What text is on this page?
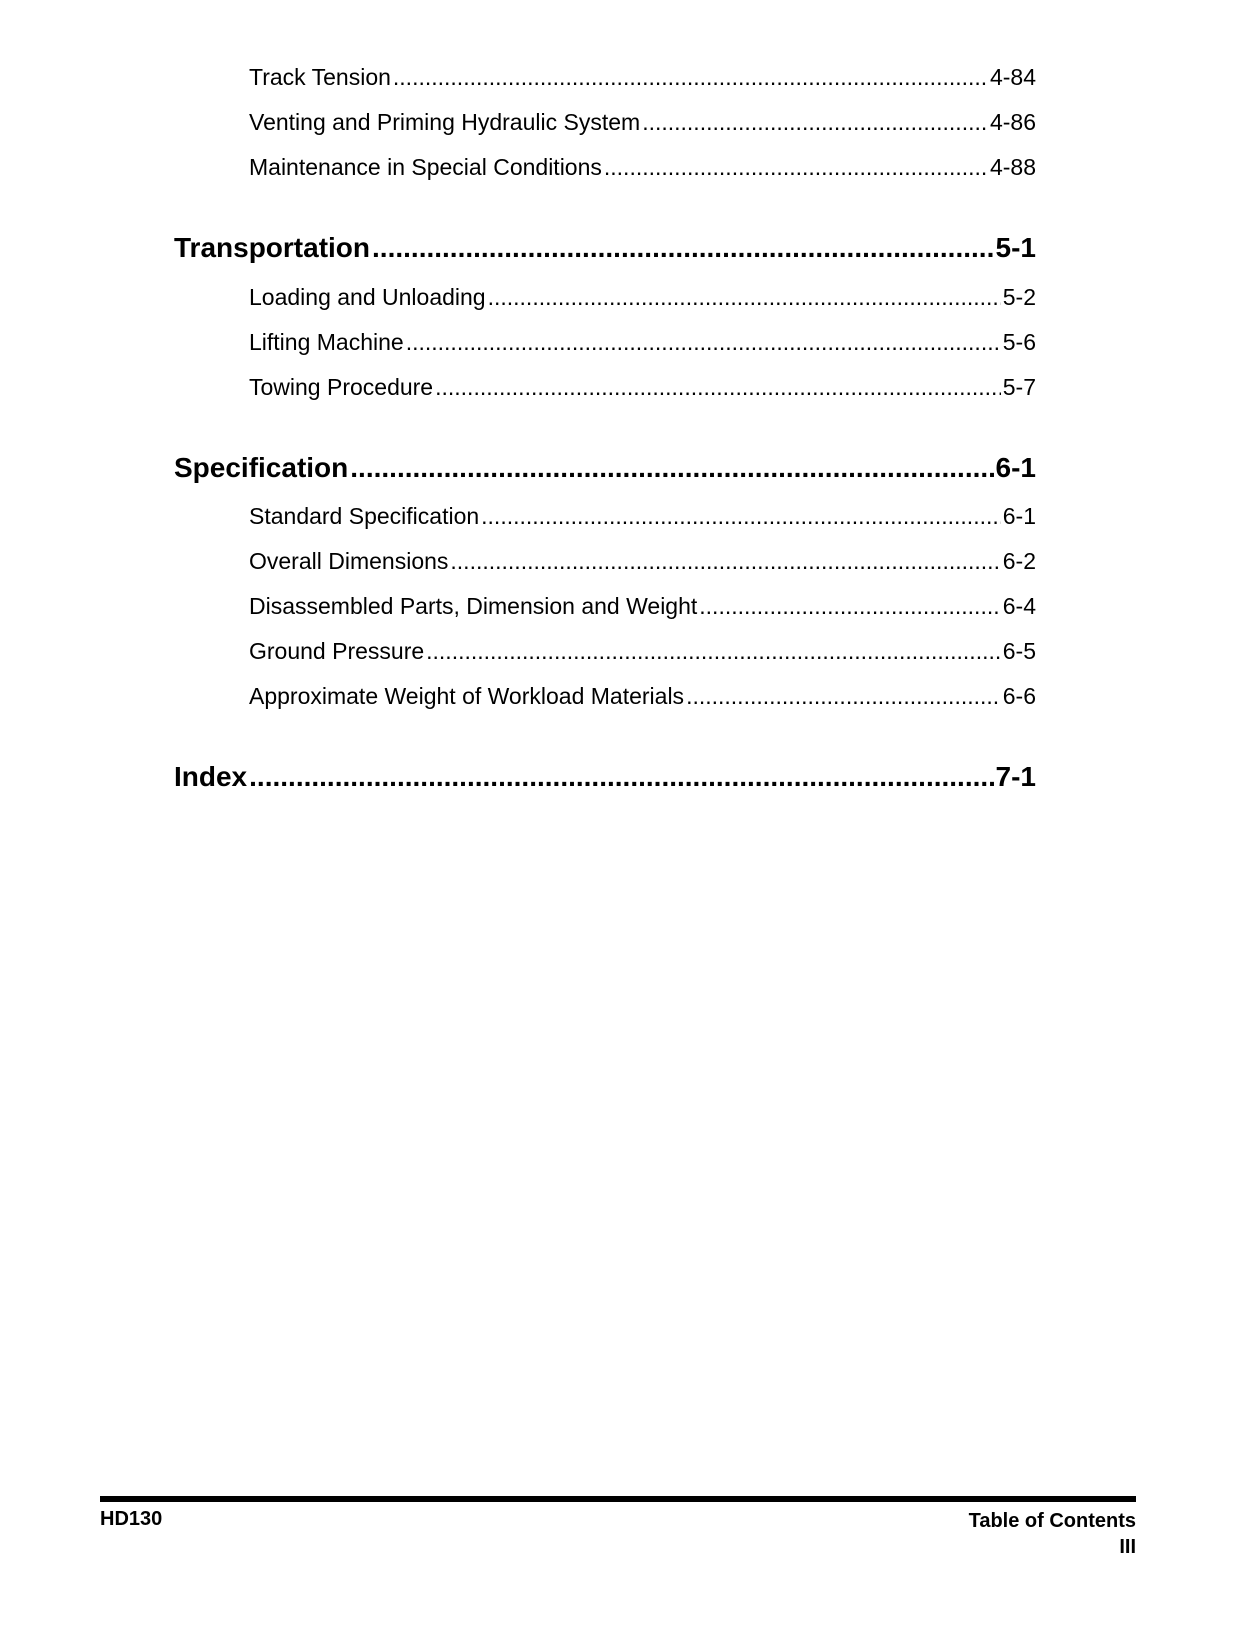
Track Tension .....	4-84
Venting and Priming Hydraulic System .....	4-86
Maintenance in Special Conditions .....	4-88
Transportation .....	5-1
Loading and Unloading .....	5-2
Lifting Machine .....	5-6
Towing Procedure .....	5-7
Specification .....	6-1
Standard Specification .....	6-1
Overall Dimensions .....	6-2
Disassembled Parts, Dimension and Weight .....	6-4
Ground Pressure .....	6-5
Approximate Weight of Workload Materials .....	6-6
Index .....	7-1
HD130	Table of Contents
III
